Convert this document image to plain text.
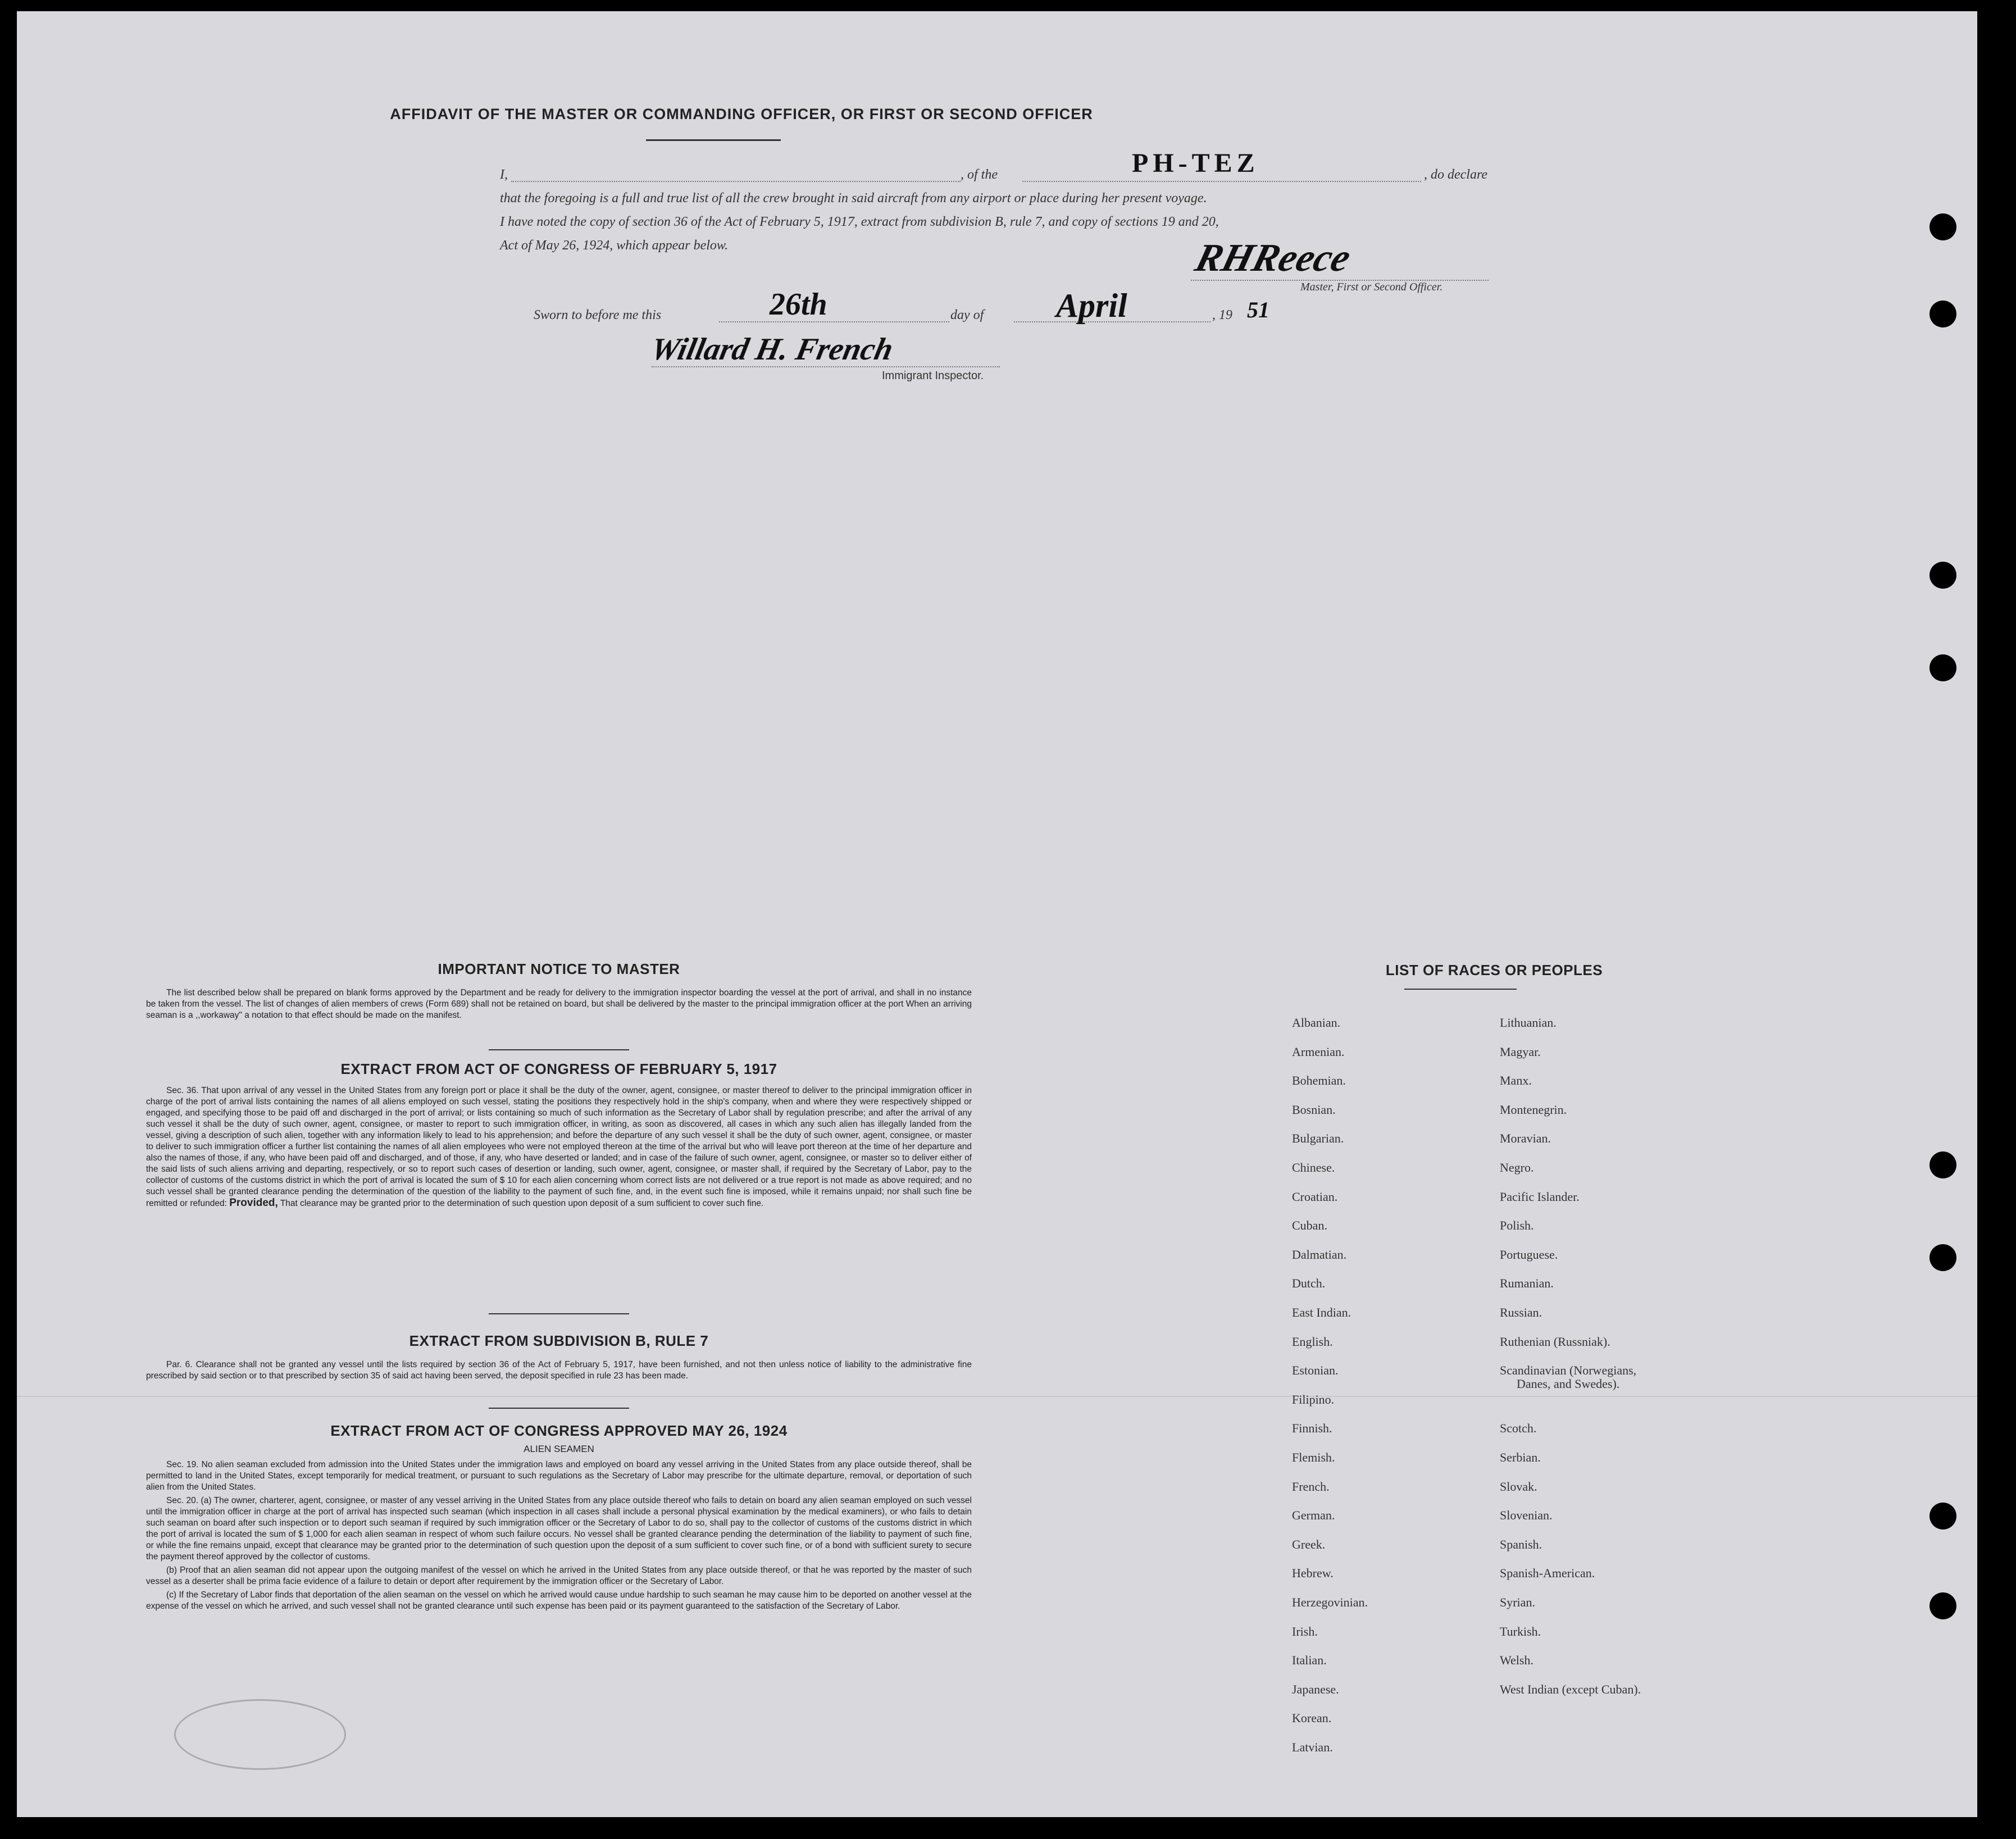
AFFIDAVIT OF THE MASTER OR COMMANDING OFFICER, OR FIRST OR SECOND OFFICER
I,	, of the	PH-TEZ	, do declare
that the foregoing is a full and true list of all the crew brought in said aircraft from any airport or place during her present voyage.
I have noted the copy of section 36 of the Act of February 5, 1917, extract from subdivision B, rule 7, and copy of sections 19 and 20,
Act of May 26, 1924, which appear below.	RHReece
Master, First or Second Officer.
Sworn to before me this	26th	day of April	, 19 51
Willard H. French
Immigrant Inspector.
IMPORTANT NOTICE TO MASTER
The list described below shall be prepared on blank forms approved by the Department and be ready for delivery to the immigration inspector boarding the vessel at the port of arrival, and shall in no instance be taken from the vessel. The list of changes of alien members of crews (Form 689) shall not be retained on board, but shall be delivered by the master to the principal immigration officer at the port When an arriving seaman is a ,,workaway" a notation to that effect should be made on the manifest.
EXTRACT FROM ACT OF CONGRESS OF FEBRUARY 5, 1917
Sec. 36. That upon arrival of any vessel in the United States from any foreign port or place it shall be the duty of the owner, agent, consignee, or master thereof to deliver to the principal immigration officer in charge of the port of arrival lists containing the names of all aliens employed on such vessel, stating the positions they respectively hold in the ship's company, when and where they were respectively shipped or engaged, and specifying those to be paid off and discharged in the port of arrival; or lists containing so much of such information as the Secretary of Labor shall by regulation prescribe; and after the arrival of any such vessel it shall be the duty of such owner, agent, consignee, or master to report to such immigration officer, in writing, as soon as discovered, all cases in which any such alien has illegally landed from the vessel, giving a description of such alien, together with any information likely to lead to his apprehension; and before the departure of any such vessel it shall be the duty of such owner, agent, consignee, or master to deliver to such immigration officer a further list containing the names of all alien employees who were not employed thereon at the time of the arrival but who will leave port thereon at the time of her departure and also the names of those, if any, who have been paid off and discharged, and of those, if any, who have deserted or landed; and in case of the failure of such owner, agent, consignee, or master so to deliver either of the said lists of such aliens arriving and departing, respectively, or so to report such cases of desertion or landing, such owner, agent, consignee, or master shall, if required by the Secretary of Labor, pay to the collector of customs of the customs district in which the port of arrival is located the sum of $ 10 for each alien concerning whom correct lists are not delivered or a true report is not made as above required; and no such vessel shall be granted clearance pending the determination of the question of the liability to the payment of such fine, and, in the event such fine is imposed, while it remains unpaid; nor shall such fine be remitted or refunded: Provided, That clearance may be granted prior to the determination of such question upon deposit of a sum sufficient to cover such fine.
EXTRACT FROM SUBDIVISION B, RULE 7
Par. 6. Clearance shall not be granted any vessel until the lists required by section 36 of the Act of February 5, 1917, have been furnished, and not then unless notice of liability to the administrative fine prescribed by said section or to that prescribed by section 35 of said act having been served, the deposit specified in rule 23 has been made.
EXTRACT FROM ACT OF CONGRESS APPROVED MAY 26, 1924
ALIEN SEAMEN
Sec. 19. No alien seaman excluded from admission into the United States under the immigration laws and employed on board any vessel arriving in the United States from any place outside thereof, shall be permitted to land in the United States, except temporarily for medical treatment, or pursuant to such regulations as the Secretary of Labor may prescribe for the ultimate departure, removal, or deportation of such alien from the United States.
Sec. 20. (a) The owner, charterer, agent, consignee, or master of any vessel arriving in the United States from any place outside thereof who fails to detain on board any alien seaman employed on such vessel until the immigration officer in charge at the port of arrival has inspected such seaman (which inspection in all cases shall include a personal physical examination by the medical examiners), or who fails to detain such seaman on board after such inspection or to deport such seaman if required by such immigration officer or the Secretary of Labor to do so, shall pay to the collector of customs of the customs district in which the port of arrival is located the sum of $ 1,000 for each alien seaman in respect of whom such failure occurs. No vessel shall be granted clearance pending the determination of the liability to payment of such fine, or while the fine remains unpaid, except that clearance may be granted prior to the determination of such question upon the deposit of a sum sufficient to cover such fine, or of a bond with sufficient surety to secure the payment thereof approved by the collector of customs.
(b) Proof that an alien seaman did not appear upon the outgoing manifest of the vessel on which he arrived in the United States from any place outside thereof, or that he was reported by the master of such vessel as a deserter shall be prima facie evidence of a failure to detain or deport after requirement by the immigration officer or the Secretary of Labor.
(c) If the Secretary of Labor finds that deportation of the alien seaman on the vessel on which he arrived would cause undue hardship to such seaman he may cause him to be deported on another vessel at the expense of the vessel on which he arrived, and such vessel shall not be granted clearance until such expense has been paid or its payment guaranteed to the satisfaction of the Secretary of Labor.
LIST OF RACES OR PEOPLES
Albanian.
Armenian.
Bohemian.
Bosnian.
Bulgarian.
Chinese.
Croatian.
Cuban.
Dalmatian.
Dutch.
East Indian.
English.
Estonian.
Filipino.
Finnish.
Flemish.
French.
German.
Greek.
Hebrew.
Herzegovinian.
Irish.
Italian.
Japanese.
Korean.
Latvian.
Lithuanian.
Magyar.
Manx.
Montenegrin.
Moravian.
Negro.
Pacific Islander.
Polish.
Portuguese.
Rumanian.
Russian.
Ruthenian (Russniak).
Scandinavian (Norwegians,
Danes, and Swedes).
Scotch.
Serbian.
Slovak.
Slovenian.
Spanish.
Spanish-American.
Syrian.
Turkish.
Welsh.
West Indian (except Cuban).
